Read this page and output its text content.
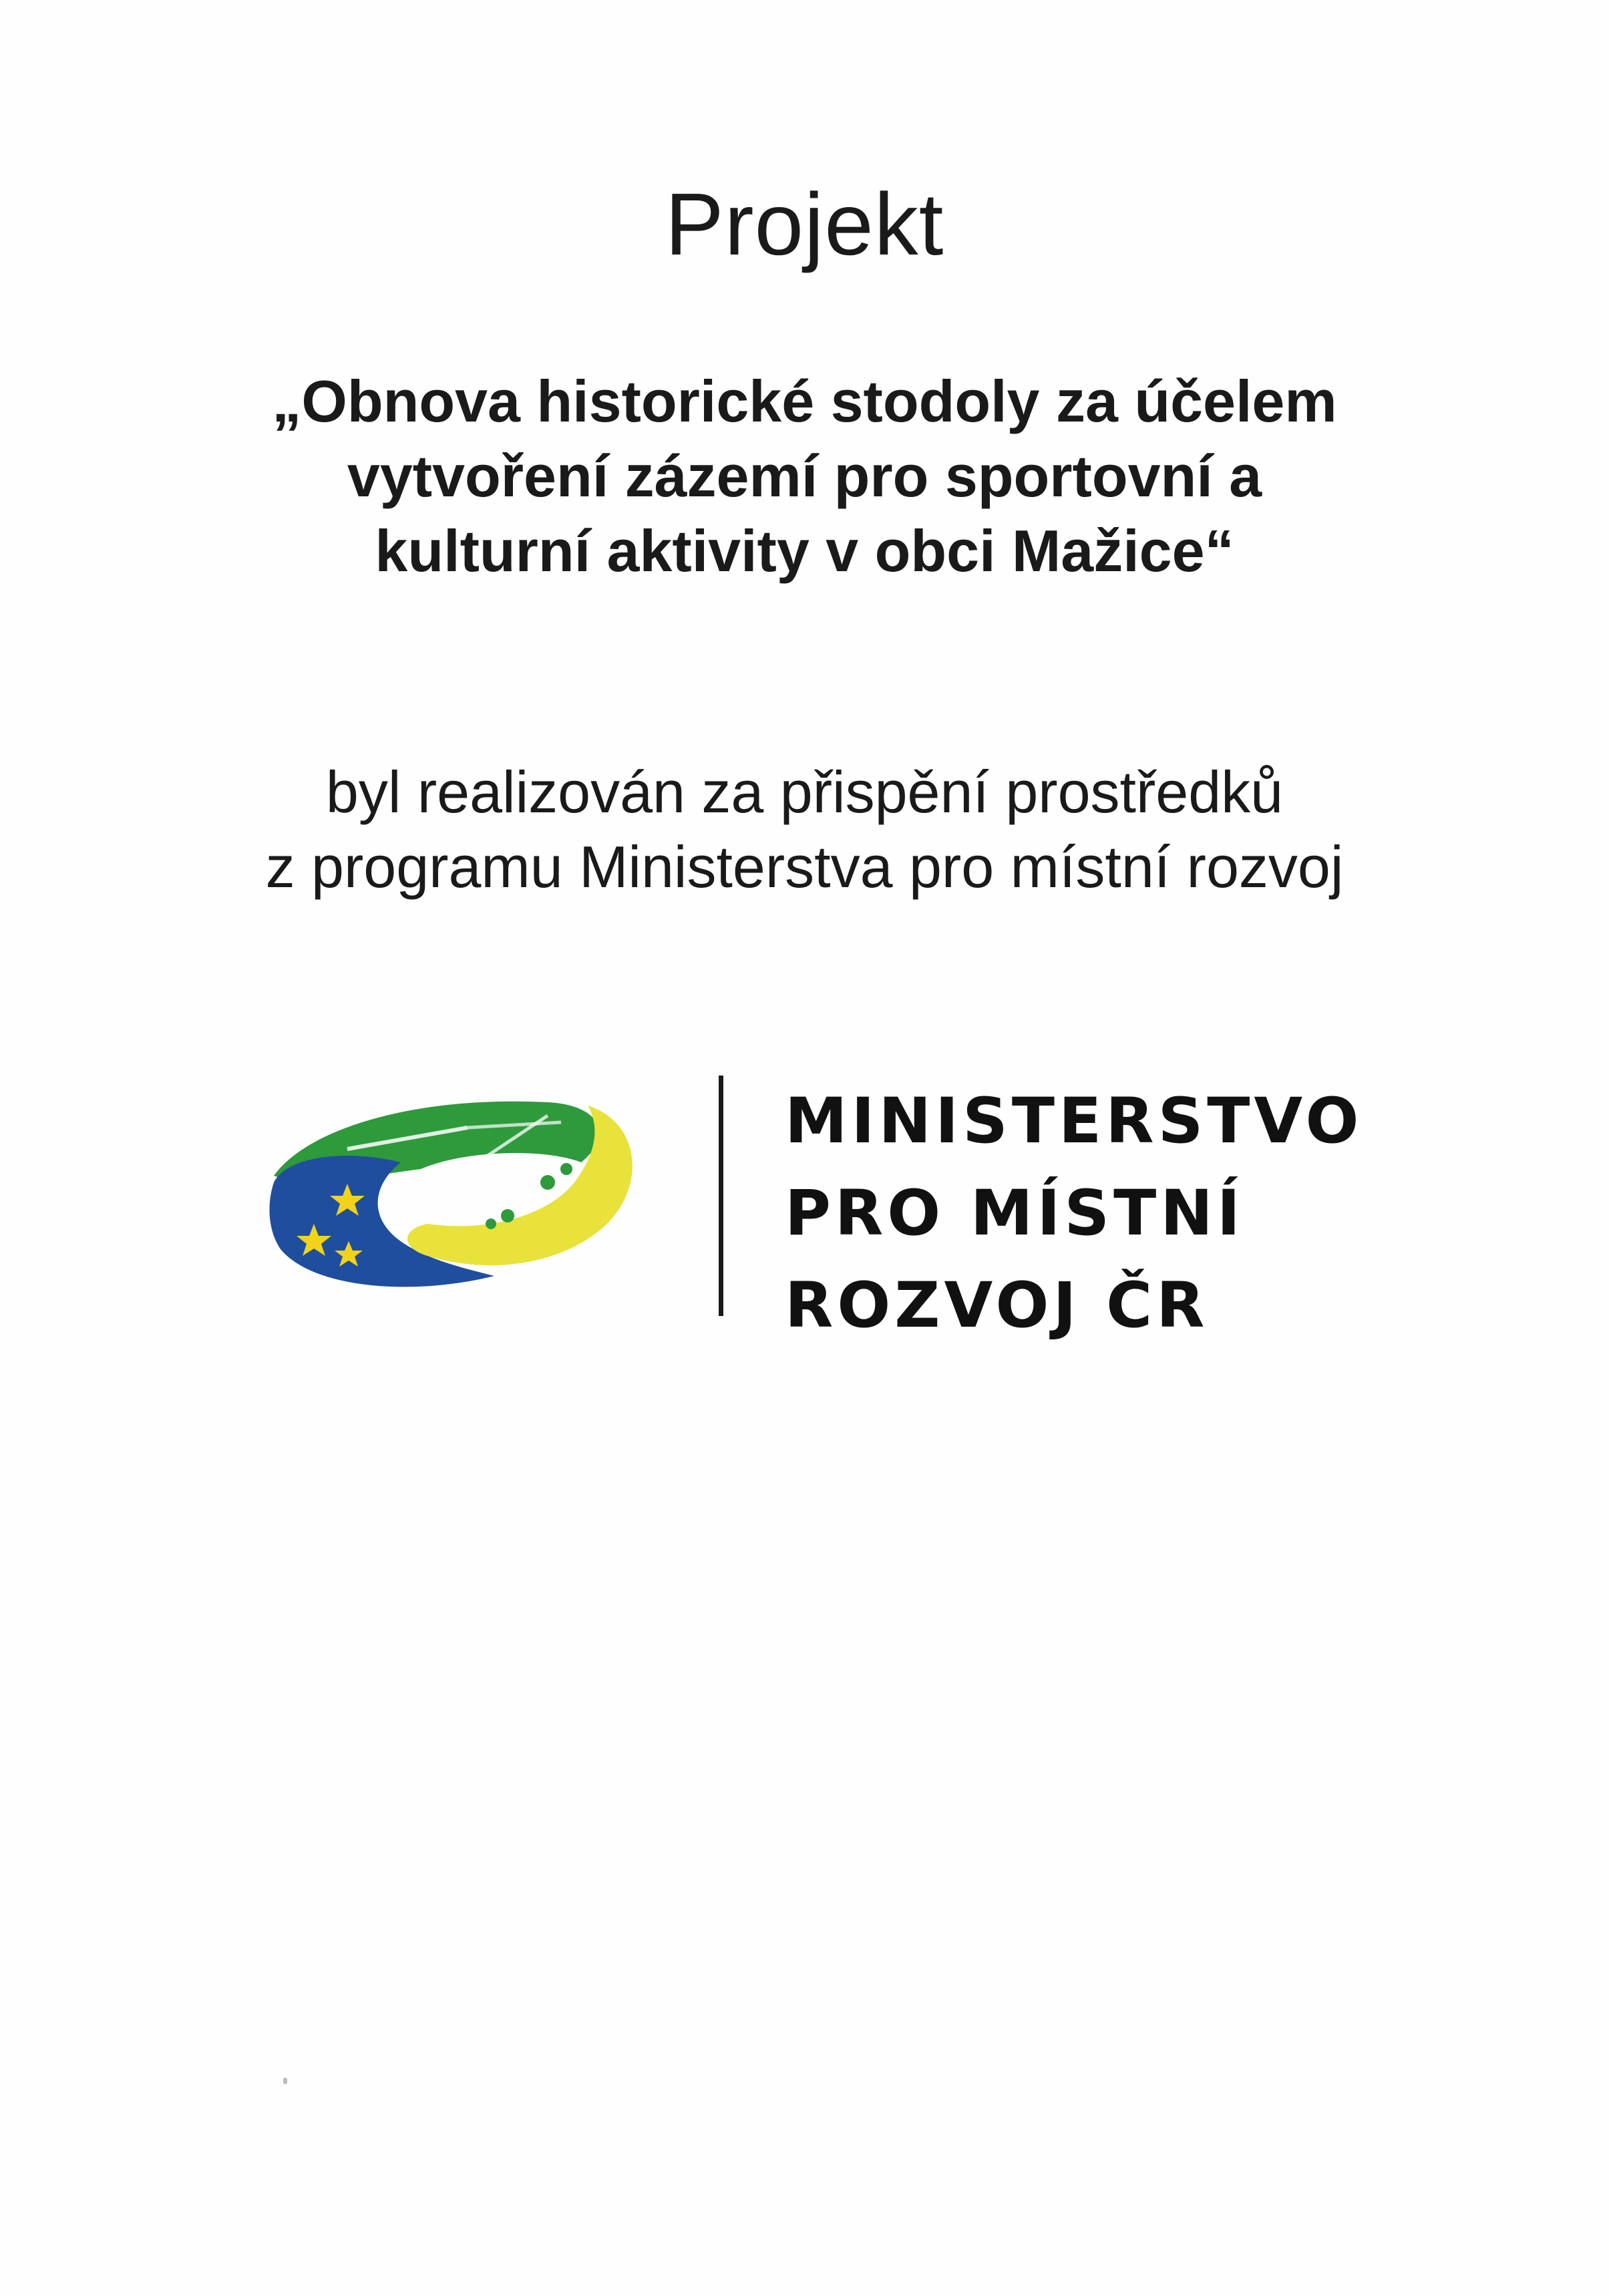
Projekt
„Obnova historické stodoly za účelem
vytvoření zázemí pro sportovní a
kulturní aktivity v obci Mažice“
byl realizován za přispění prostředků
z programu Ministerstva pro místní rozvoj
MINISTERSTVO
PRO MÍSTNÍ
ROZVOJ ČR
